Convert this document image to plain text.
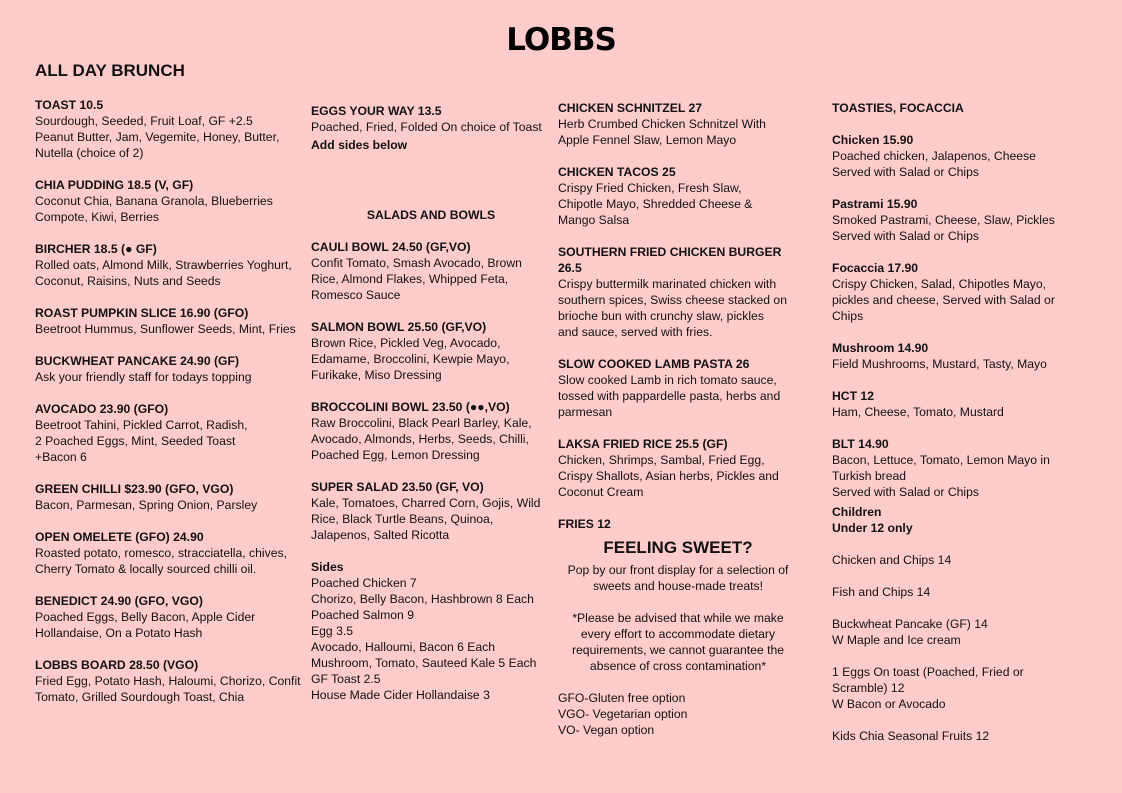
LOBBS
ALL DAY BRUNCH
TOAST 10.5
Sourdough, Seeded, Fruit Loaf, GF +2.5
Peanut Butter, Jam, Vegemite, Honey, Butter,
Nutella (choice of 2)
CHIA PUDDING 18.5 (V, GF)
Coconut Chia, Banana Granola, Blueberries
Compote, Kiwi, Berries
BIRCHER 18.5 (● GF)
Rolled oats, Almond Milk, Strawberries Yoghurt,
Coconut, Raisins, Nuts and Seeds
ROAST PUMPKIN SLICE 16.90 (GFO)
Beetroot Hummus, Sunflower Seeds, Mint, Fries
BUCKWHEAT PANCAKE 24.90 (GF)
Ask your friendly staff for todays topping
AVOCADO 23.90 (GFO)
Beetroot Tahini, Pickled Carrot, Radish,
2 Poached Eggs, Mint, Seeded Toast
+Bacon 6
GREEN CHILLI $23.90 (GFO, VGO)
Bacon, Parmesan, Spring Onion, Parsley
OPEN OMELETE (GFO) 24.90
Roasted potato, romesco, stracciatella, chives,
Cherry Tomato & locally sourced chilli oil.
BENEDICT 24.90 (GFO, VGO)
Poached Eggs, Belly Bacon, Apple Cider
Hollandaise, On a Potato Hash
LOBBS BOARD 28.50 (VGO)
Fried Egg, Potato Hash, Haloumi, Chorizo, Confit
Tomato, Grilled Sourdough Toast, Chia
EGGS YOUR WAY 13.5
Poached, Fried, Folded On choice of Toast
Add sides below
SALADS AND BOWLS
CAULI BOWL 24.50 (GF,VO)
Confit Tomato, Smash Avocado, Brown
Rice, Almond Flakes, Whipped Feta,
Romesco Sauce
SALMON BOWL 25.50 (GF,VO)
Brown Rice, Pickled Veg, Avocado,
Edamame, Broccolini, Kewpie Mayo,
Furikake, Miso Dressing
BROCCOLINI BOWL 23.50 (●●,VO)
Raw Broccolini, Black Pearl Barley, Kale,
Avocado, Almonds, Herbs, Seeds, Chilli,
Poached Egg, Lemon Dressing
SUPER SALAD 23.50 (GF, VO)
Kale, Tomatoes, Charred Corn, Gojis, Wild
Rice, Black Turtle Beans, Quinoa,
Jalapenos, Salted Ricotta
Sides
Poached Chicken 7
Chorizo, Belly Bacon, Hashbrown 8 Each
Poached Salmon 9
Egg 3.5
Avocado, Halloumi, Bacon 6 Each
Mushroom, Tomato, Sauteed Kale 5 Each
GF Toast 2.5
House Made Cider Hollandaise 3
CHICKEN SCHNITZEL 27
Herb Crumbed Chicken Schnitzel With
Apple Fennel Slaw, Lemon Mayo
CHICKEN TACOS 25
Crispy Fried Chicken, Fresh Slaw,
Chipotle Mayo, Shredded Cheese &
Mango Salsa
SOUTHERN FRIED CHICKEN BURGER
26.5
Crispy buttermilk marinated chicken with
southern spices, Swiss cheese stacked on
brioche bun with crunchy slaw, pickles
and sauce, served with fries.
SLOW COOKED LAMB PASTA 26
Slow cooked Lamb in rich tomato sauce,
tossed with pappardelle pasta, herbs and
parmesan
LAKSA FRIED RICE 25.5 (GF)
Chicken, Shrimps, Sambal, Fried Egg,
Crispy Shallots, Asian herbs, Pickles and
Coconut Cream
FRIES 12
FEELING SWEET?
Pop by our front display for a selection of
sweets and house-made treats!
*Please be advised that while we make
every effort to accommodate dietary
requirements, we cannot guarantee the
absence of cross contamination*
GFO-Gluten free option
VGO- Vegetarian option
VO- Vegan option
TOASTIES, FOCACCIA
Chicken 15.90
Poached chicken, Jalapenos, Cheese
Served with Salad or Chips
Pastrami 15.90
Smoked Pastrami, Cheese, Slaw, Pickles
Served with Salad or Chips
Focaccia 17.90
Crispy Chicken, Salad, Chipotles Mayo,
pickles and cheese, Served with Salad or
Chips
Mushroom 14.90
Field Mushrooms, Mustard, Tasty, Mayo
HCT 12
Ham, Cheese, Tomato, Mustard
BLT 14.90
Bacon, Lettuce, Tomato, Lemon Mayo in
Turkish bread
Served with Salad or Chips
Children
Under 12 only
Chicken and Chips 14
Fish and Chips 14
Buckwheat Pancake (GF) 14
W Maple and Ice cream
1 Eggs On toast (Poached, Fried or
Scramble) 12
W Bacon or Avocado
Kids Chia Seasonal Fruits 12
